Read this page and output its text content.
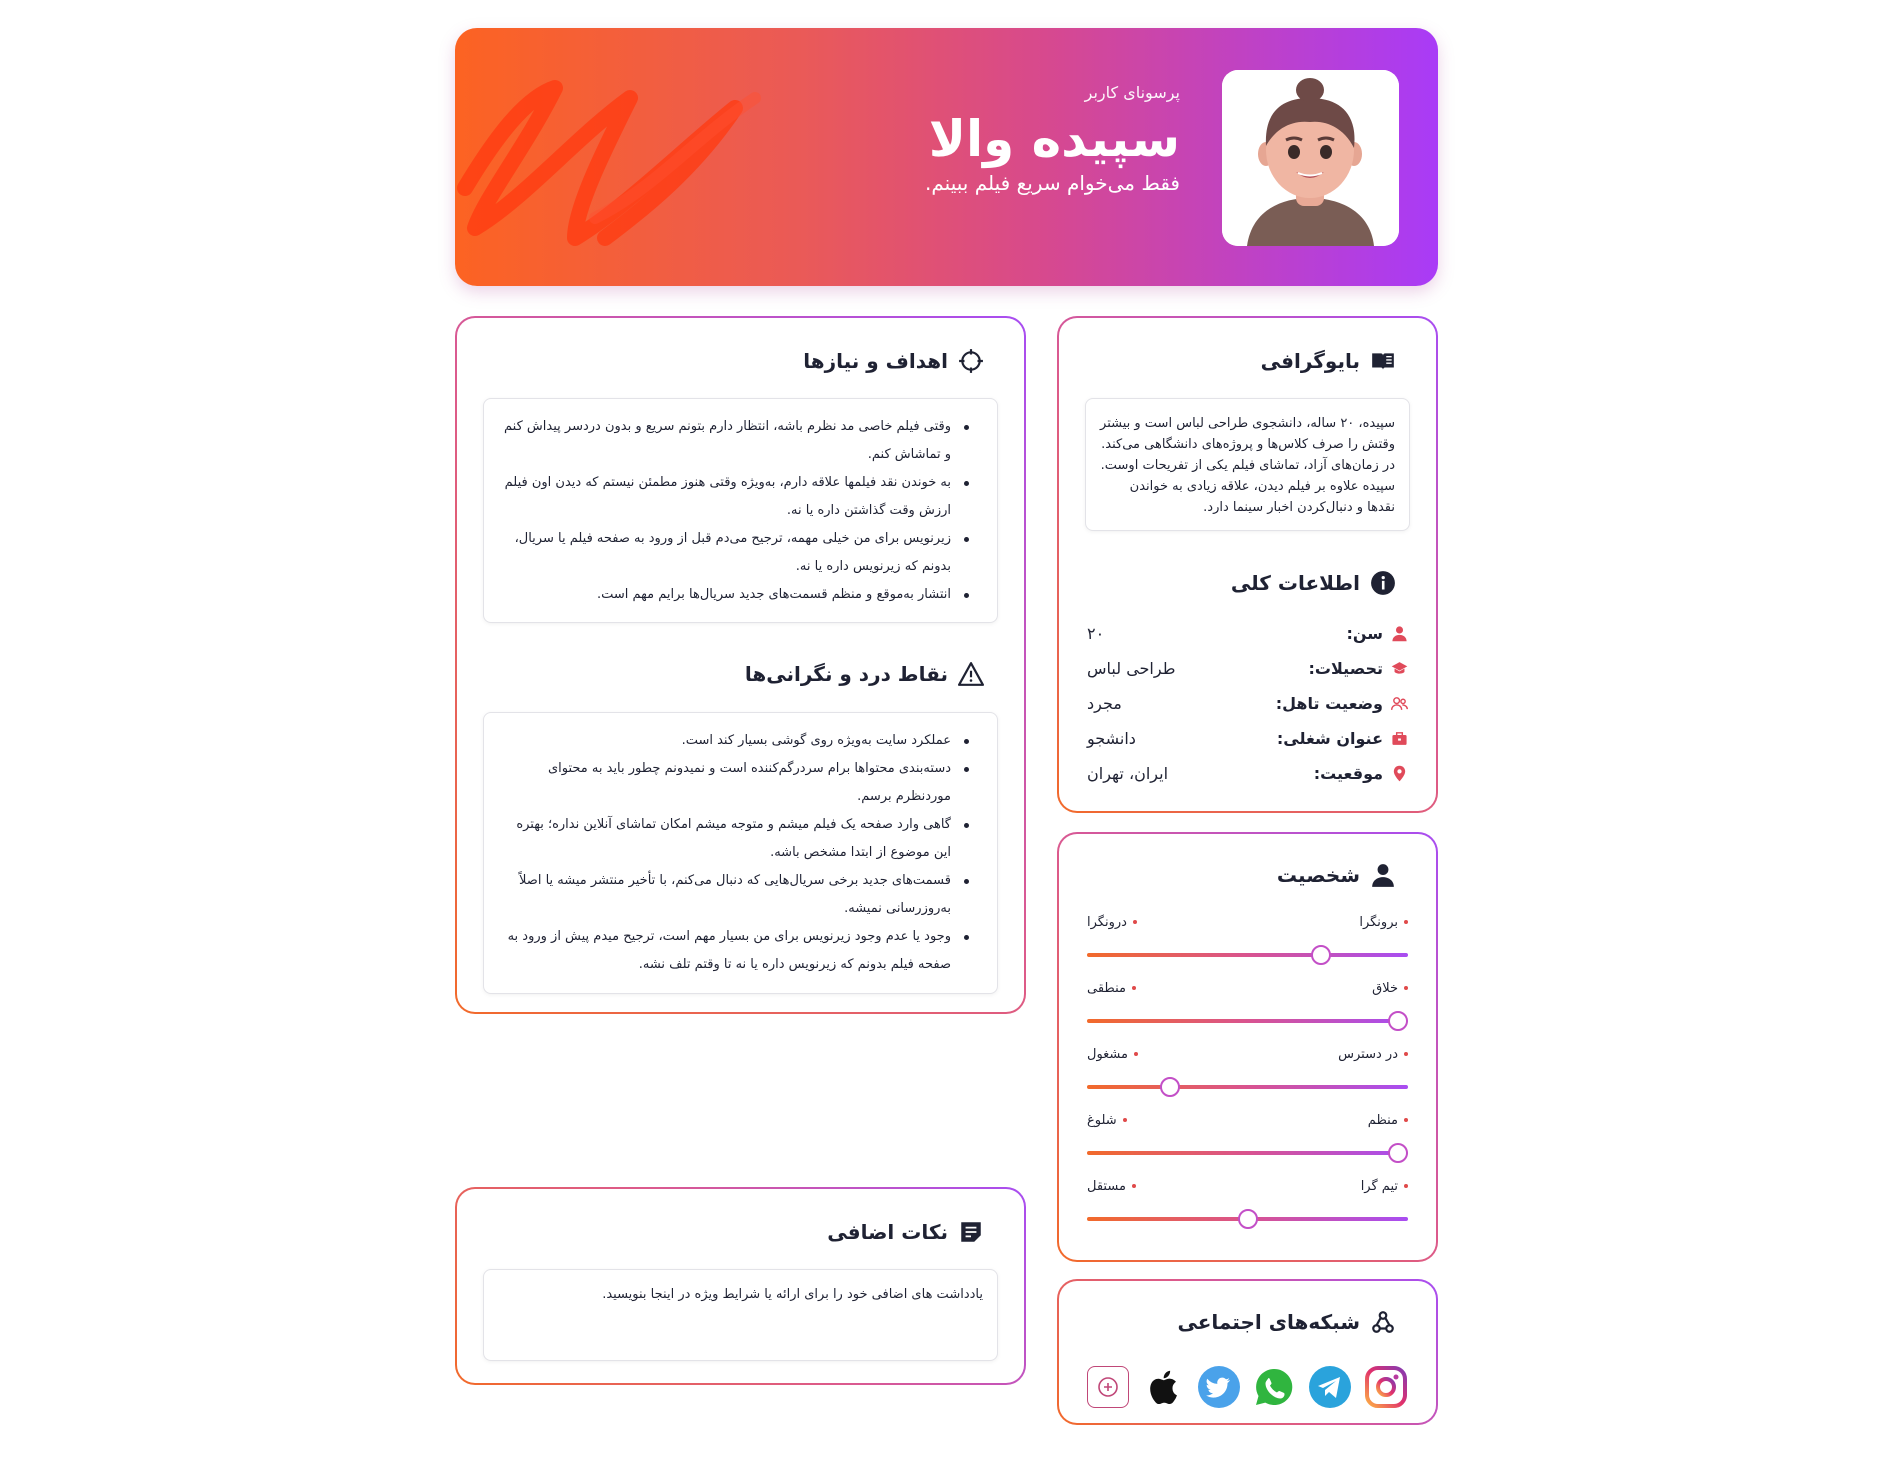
پرسونای کاربر
سپیده والا
فقط می‌خوام سریع فیلم ببینم.
بایوگرافی

سپیده، ۲۰ ساله، دانشجوی طراحی لباس است و بیشتر وقتش را صرف کلاس‌ها و پروژه‌های دانشگاهی می‌کند. در زمان‌های آزاد، تماشای فیلم یکی از تفریحات اوست. سپیده علاوه بر فیلم دیدن، علاقه زیادی به خواندن نقدها و دنبال‌کردن اخبار سینما دارد.

اطلاعات کلی
سن:
۲۰
تحصیلات:
طراحی لباس
وضعیت تاهل:
مجرد
عنوان شغلی:
دانشجو
موقعیت:
ایران، تهران
شخصیت
برونگرا
درونگرا
خلاق
منطقی
در دسترس
مشغول
منظم
شلوغ
تیم گرا
مستقل
شبکه‌های اجتماعی
اهداف و نیازها
وقتی فیلم خاصی مد نظرم باشه، انتظار دارم بتونم سریع و بدون دردسر پیداش کنم و تماشاش کنم.
به خوندن نقد فیلمها علاقه دارم، به‌ویژه وقتی هنوز مطمئن نیستم که دیدن اون فیلم ارزش وقت گذاشتن داره یا نه.
زیرنویس برای من خیلی مهمه، ترجیح می‌دم قبل از ورود به صفحه فیلم یا سریال، بدونم که زیرنویس داره یا نه.
انتشار به‌موقع و منظم قسمت‌های جدید سریال‌ها برایم مهم است.
نقاط درد و نگرانی‌ها
عملکرد سایت به‌ویژه روی گوشی بسیار کند است.
دسته‌بندی محتواها برام سردرگم‌کننده است و نمیدونم چطور باید به محتوای موردنظرم برسم.
گاهی وارد صفحه یک فیلم میشم و متوجه میشم امکان تماشای آنلاین نداره؛ بهتره این موضوع از ابتدا مشخص باشه.
قسمت‌های جدید برخی سریال‌هایی که دنبال می‌کنم، با تأخیر منتشر میشه یا اصلاً به‌روزرسانی نمیشه.
وجود یا عدم وجود زیرنویس برای من بسیار مهم است، ترجیح میدم پیش از ورود به صفحه فیلم بدونم که زیرنویس داره یا نه تا وقتم تلف نشه.
نکات اضافی

یادداشت های اضافی خود را برای ارائه یا شرایط ویژه در اینجا بنویسید.
